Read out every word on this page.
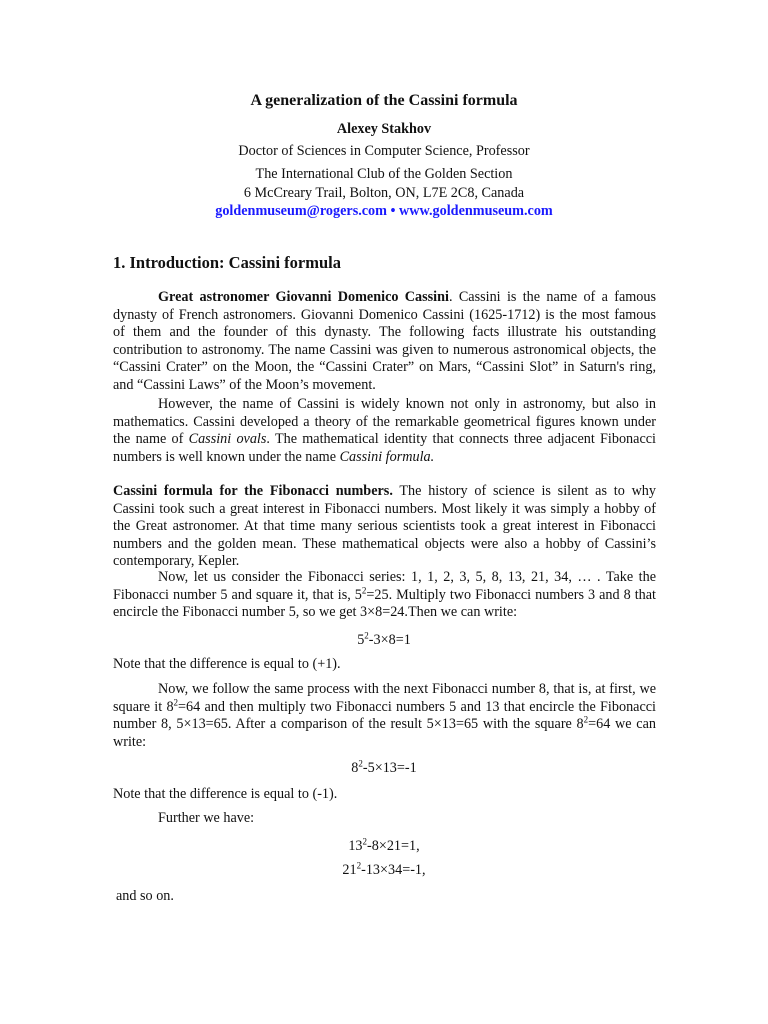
A generalization of the Cassini formula
Alexey Stakhov
Doctor of Sciences in Computer Science, Professor
The International Club of the Golden Section
6 McCreary Trail, Bolton, ON, L7E 2C8, Canada
goldenmuseum@rogers.com • www.goldenmuseum.com
1. Introduction: Cassini formula
Great astronomer Giovanni Domenico Cassini. Cassini is the name of a famous dynasty of French astronomers. Giovanni Domenico Cassini (1625-1712) is the most famous of them and the founder of this dynasty. The following facts illustrate his outstanding contribution to astronomy. The name Cassini was given to numerous astronomical objects, the “Cassini Crater” on the Moon, the “Cassini Crater” on Mars, “Cassini Slot” in Saturn's ring, and “Cassini Laws” of the Moon’s movement.
However, the name of Cassini is widely known not only in astronomy, but also in mathematics. Cassini developed a theory of the remarkable geometrical figures known under the name of Cassini ovals. The mathematical identity that connects three adjacent Fibonacci numbers is well known under the name Cassini formula.
Cassini formula for the Fibonacci numbers. The history of science is silent as to why Cassini took such a great interest in Fibonacci numbers. Most likely it was simply a hobby of the Great astronomer. At that time many serious scientists took a great interest in Fibonacci numbers and the golden mean. These mathematical objects were also a hobby of Cassini’s contemporary, Kepler.
Now, let us consider the Fibonacci series: 1, 1, 2, 3, 5, 8, 13, 21, 34, … . Take the Fibonacci number 5 and square it, that is, $5^2=25$. Multiply two Fibonacci numbers 3 and 8 that encircle the Fibonacci number 5, so we get 3×8=24.Then we can write:
$5^2-3\times 8=1$
Note that the difference is equal to (+1).
Now, we follow the same process with the next Fibonacci number 8, that is, at first, we square it $8^2=64$ and then multiply two Fibonacci numbers 5 and 13 that encircle the Fibonacci number 8, 5×13=65. After a comparison of the result 5×13=65 with the square $8^2=64$ we can write:
$8^2-5\times 13=-1$
Note that the difference is equal to (-1).
Further we have:
$13^2-8\times 21=1$,
$21^2-13\times 34=-1$,
and so on.
